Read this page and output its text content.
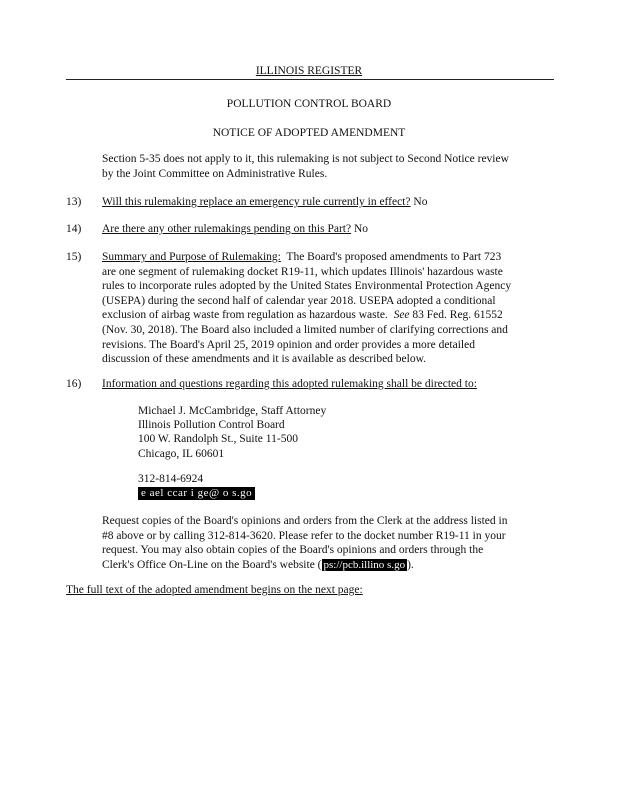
ILLINOIS REGISTER
POLLUTION CONTROL BOARD
NOTICE OF ADOPTED AMENDMENT
Section 5-35 does not apply to it, this rulemaking is not subject to Second Notice review
by the Joint Committee on Administrative Rules.
13) Will this rulemaking replace an emergency rule currently in effect? No
14) Are there any other rulemakings pending on this Part? No
15) Summary and Purpose of Rulemaking: The Board's proposed amendments to Part 723
are one segment of rulemaking docket R19-11, which updates Illinois' hazardous waste
rules to incorporate rules adopted by the United States Environmental Protection Agency
(USEPA) during the second half of calendar year 2018. USEPA adopted a conditional
exclusion of airbag waste from regulation as hazardous waste. See 83 Fed. Reg. 61552
(Nov. 30, 2018). The Board also included a limited number of clarifying corrections and
revisions. The Board's April 25, 2019 opinion and order provides a more detailed
discussion of these amendments and it is available as described below.
16) Information and questions regarding this adopted rulemaking shall be directed to:
Michael J. McCambridge, Staff Attorney
Illinois Pollution Control Board
100 W. Randolph St., Suite 11-500
Chicago, IL 60601
312-814-6924
e ael ccar i ge@ o s.go
Request copies of the Board's opinions and orders from the Clerk at the address listed in
#8 above or by calling 312-814-3620. Please refer to the docket number R19-11 in your
request. You may also obtain copies of the Board's opinions and orders through the
Clerk's Office On-Line on the Board's website ( ps://pcb.illino s.go ).
The full text of the adopted amendment begins on the next page:
